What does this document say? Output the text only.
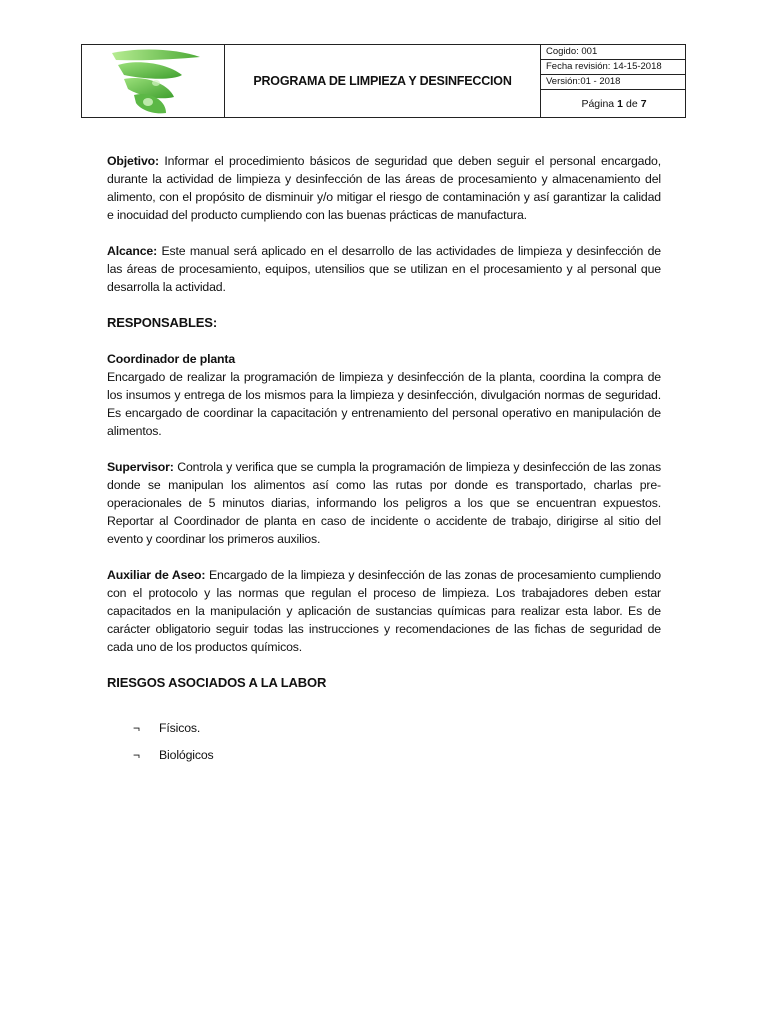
PROGRAMA DE LIMPIEZA Y DESINFECCION
Cogido: 001
Fecha revisión: 14-15-2018
Versión:01 - 2018
Página 1 de 7

Objetivo: Informar el procedimiento básicos de seguridad que deben seguir el personal encargado, durante la actividad de limpieza y desinfección de las áreas de procesamiento y almacenamiento del alimento, con el propósito de disminuir y/o mitigar el riesgo de contaminación y así garantizar la calidad e inocuidad del producto cumpliendo con las buenas prácticas de manufactura.

Alcance: Este manual será aplicado en el desarrollo de las actividades de limpieza y desinfección de las áreas de procesamiento, equipos, utensilios que se utilizan en el procesamiento y al personal que desarrolla la actividad.

RESPONSABLES:

Coordinador de planta

Encargado de realizar la programación de limpieza y desinfección de la planta, coordina la compra de los insumos y entrega de los mismos para la limpieza y desinfección, divulgación normas de seguridad. Es encargado de coordinar la capacitación y entrenamiento del personal operativo en manipulación de alimentos.

Supervisor: Controla y verifica que se cumpla la programación de limpieza y desinfección de las zonas donde se manipulan los alimentos así como las rutas por donde es transportado, charlas pre-operacionales de 5 minutos diarias, informando los peligros a los que se encuentran expuestos. Reportar al Coordinador de planta en caso de incidente o accidente de trabajo, dirigirse al sitio del evento y coordinar los primeros auxilios.

Auxiliar de Aseo: Encargado de la limpieza y desinfección de las zonas de procesamiento cumpliendo con el protocolo y las normas que regulan el proceso de limpieza. Los trabajadores deben estar capacitados en la manipulación y aplicación de sustancias químicas para realizar esta labor. Es de carácter obligatorio seguir todas las instrucciones y recomendaciones de las fichas de seguridad de cada uno de los productos químicos.

RIESGOS ASOCIADOS A LA LABOR

¬	Físicos.
¬	Biológicos
